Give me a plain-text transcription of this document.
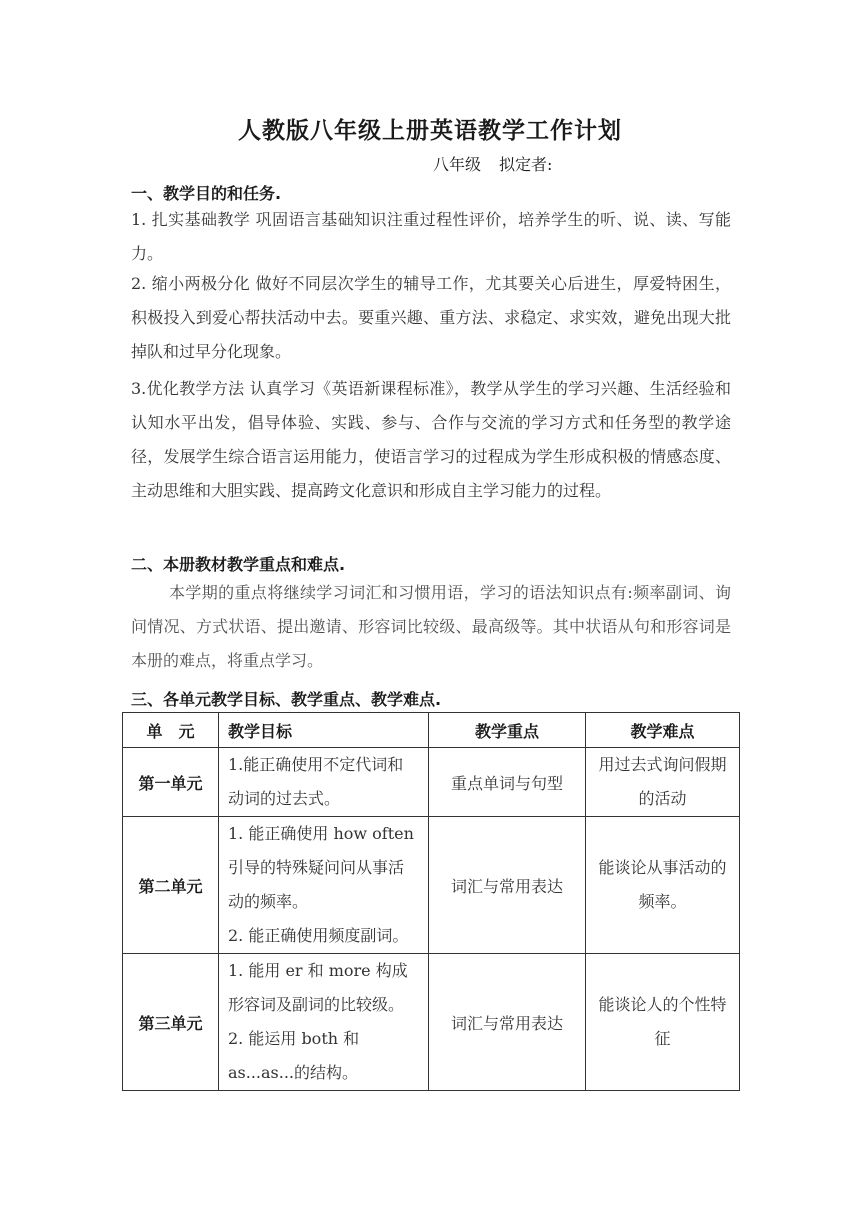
人教版八年级上册英语教学工作计划
八年级 拟定者:
一、教学目的和任务.
1. 扎实基础教学 巩固语言基础知识注重过程性评价，培养学生的听、说、读、写能力。
2. 缩小两极分化 做好不同层次学生的辅导工作，尤其要关心后进生，厚爱特困生，积极投入到爱心帮扶活动中去。要重兴趣、重方法、求稳定、求实效，避免出现大批掉队和过早分化现象。
3.优化教学方法 认真学习《英语新课程标准》，教学从学生的学习兴趣、生活经验和认知水平出发，倡导体验、实践、参与、合作与交流的学习方式和任务型的教学途径，发展学生综合语言运用能力，使语言学习的过程成为学生形成积极的情感态度、主动思维和大胆实践、提高跨文化意识和形成自主学习能力的过程。
二、本册教材教学重点和难点.
本学期的重点将继续学习词汇和习惯用语，学习的语法知识点有:频率副词、询问情况、方式状语、提出邀请、形容词比较级、最高级等。其中状语从句和形容词是本册的难点，将重点学习。
三、各单元教学目标、教学重点、教学难点.
单　元	教学目标	教学重点	教学难点
第一单元	1.能正确使用不定代词和动词的过去式。	重点单词与句型	用过去式询问假期的活动
第二单元	1. 能正确使用 how often 引导的特殊疑问问从事活动的频率。
2. 能正确使用频度副词。	词汇与常用表达	能谈论从事活动的频率。
第三单元	1. 能用 er 和 more 构成形容词及副词的比较级。
2. 能运用 both 和 as...as...的结构。	词汇与常用表达	能谈论人的个性特征
